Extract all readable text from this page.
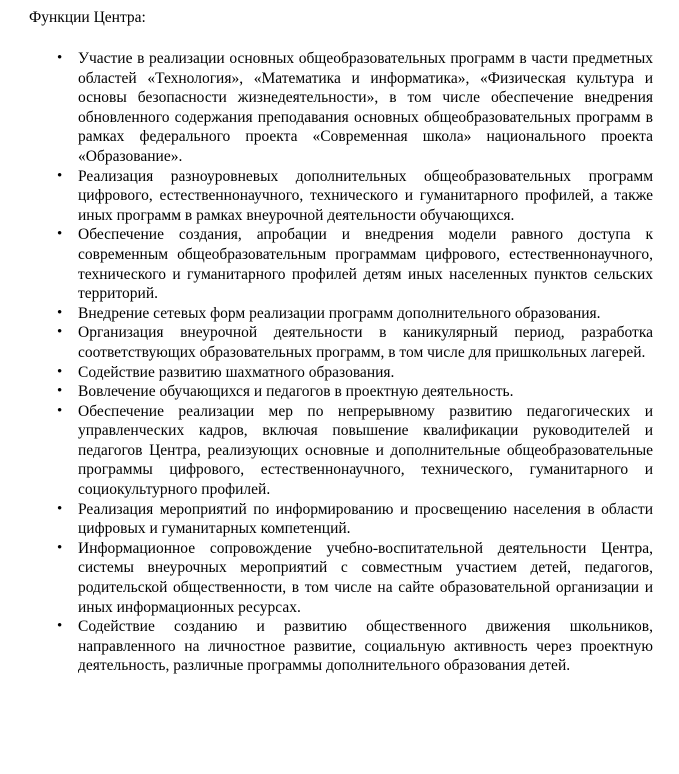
Функции Центра:

• Участие в реализации основных общеобразовательных программ в части предметных областей «Технология», «Математика и информатика», «Физическая культура и основы безопасности жизнедеятельности», в том числе обеспечение внедрения обновленного содержания преподавания основных общеобразовательных программ в рамках федерального проекта «Современная школа» национального проекта «Образование».
• Реализация разноуровневых дополнительных общеобразовательных программ цифрового, естественнонаучного, технического и гуманитарного профилей, а также иных программ в рамках внеурочной деятельности обучающихся.
• Обеспечение создания, апробации и внедрения модели равного доступа к современным общеобразовательным программам цифрового, естественнонаучного, технического и гуманитарного профилей детям иных населенных пунктов сельских территорий.
• Внедрение сетевых форм реализации программ дополнительного образования.
• Организация внеурочной деятельности в каникулярный период, разработка соответствующих образовательных программ, в том числе для пришкольных лагерей.
• Содействие развитию шахматного образования.
• Вовлечение обучающихся и педагогов в проектную деятельность.
• Обеспечение реализации мер по непрерывному развитию педагогических и управленческих кадров, включая повышение квалификации руководителей и педагогов Центра, реализующих основные и дополнительные общеобразовательные программы цифрового, естественнонаучного, технического, гуманитарного и социокультурного профилей.
• Реализация мероприятий по информированию и просвещению населения в области цифровых и гуманитарных компетенций.
• Информационное сопровождение учебно-воспитательной деятельности Центра, системы внеурочных мероприятий с совместным участием детей, педагогов, родительской общественности, в том числе на сайте образовательной организации и иных информационных ресурсах.
• Содействие созданию и развитию общественного движения школьников, направленного на личностное развитие, социальную активность через проектную деятельность, различные программы дополнительного образования детей.
